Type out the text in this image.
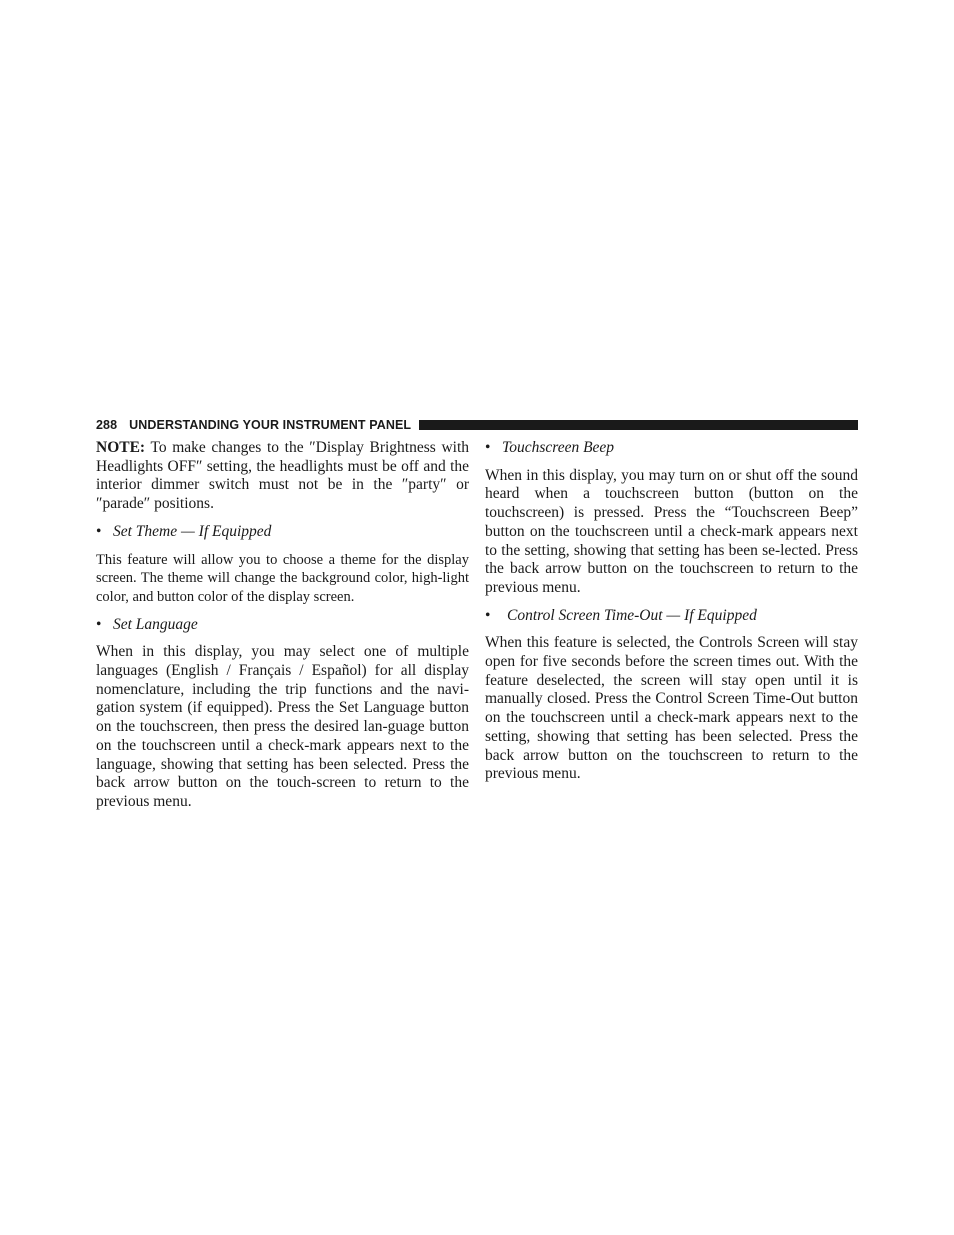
288 UNDERSTANDING YOUR INSTRUMENT PANEL

NOTE: To make changes to the ″Display Brightness with Headlights OFF″ setting, the headlights must be off and the interior dimmer switch must not be in the ″party″ or ″parade″ positions.

• Set Theme — If Equipped

This feature will allow you to choose a theme for the display screen. The theme will change the background color, high-light color, and button color of the display screen.

• Set Language

When in this display, you may select one of multiple languages (English / Français / Español) for all display nomenclature, including the trip functions and the navi-gation system (if equipped). Press the Set Language button on the touchscreen, then press the desired lan-guage button on the touchscreen until a check-mark appears next to the language, showing that setting has been selected. Press the back arrow button on the touch-screen to return to the previous menu.

• Touchscreen Beep

When in this display, you may turn on or shut off the sound heard when a touchscreen button (button on the touchscreen) is pressed. Press the “Touchscreen Beep” button on the touchscreen until a check-mark appears next to the setting, showing that setting has been se-lected. Press the back arrow button on the touchscreen to return to the previous menu.

• Control Screen Time-Out — If Equipped

When this feature is selected, the Controls Screen will stay open for five seconds before the screen times out. With the feature deselected, the screen will stay open until it is manually closed. Press the Control Screen Time-Out button on the touchscreen until a check-mark appears next to the setting, showing that setting has been selected. Press the back arrow button on the touchscreen to return to the previous menu.
